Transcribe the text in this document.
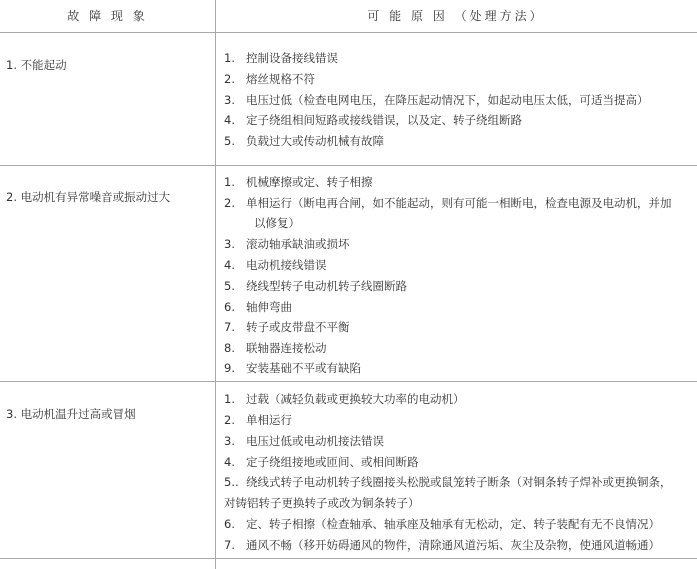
故 障 现 象	可 能 原 因 （处理方法）
1. 不能起动	1. 控制设备接线错误
2. 熔丝规格不符
3. 电压过低（检查电网电压，在降压起动情况下，如起动电压太低，可适当提高）
4. 定子绕组相间短路或接线错误，以及定、转子绕组断路
5. 负载过大或传动机械有故障
2. 电动机有异常噪音或振动过大
1. 机械摩擦或定、转子相擦
2. 单相运行（断电再合闸，如不能起动，则有可能一相断电，检查电源及电动机，并加
以修复）
3. 滚动轴承缺油或损坏
4. 电动机接线错误
5. 绕线型转子电动机转子线圈断路
6. 轴伸弯曲
7. 转子或皮带盘不平衡
8. 联轴器连接松动
9. 安装基础不平或有缺陷
3. 电动机温升过高或冒烟
1. 过载（减轻负载或更换较大功率的电动机）
2. 单相运行
3. 电压过低或电动机接法错误
4. 定子绕组接地或匝间、或相间断路
5.. 绕线式转子电动机转子线圈接头松脱或鼠笼转子断条（对铜条转子焊补或更换铜条，
对铸铝转子更换转子或改为铜条转子）
6. 定、转子相擦（检查轴承、轴承座及轴承有无松动，定、转子装配有无不良情况）
7. 通风不畅（移开妨碍通风的物件，清除通风道污垢、灰尘及杂物，使通风道畅通）
